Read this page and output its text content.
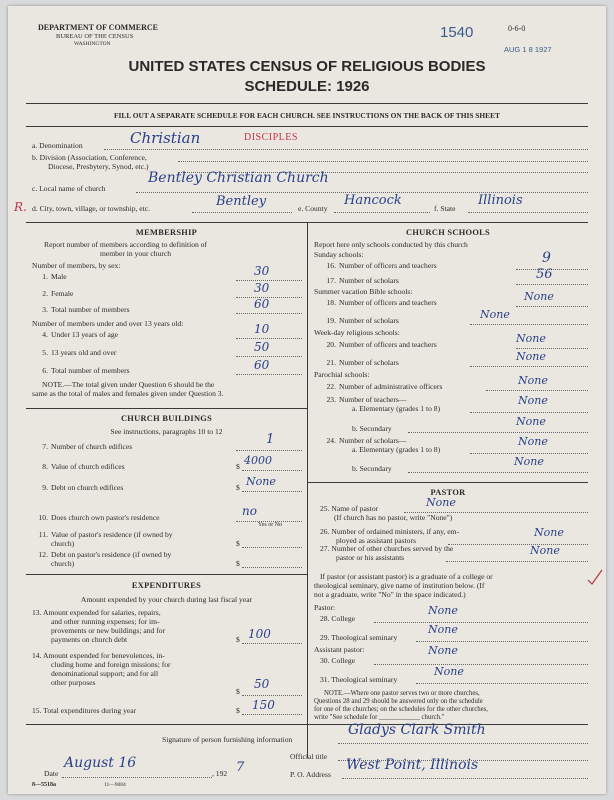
DEPARTMENT OF COMMERCE
BUREAU OF THE CENSUS
WASHINGTON
1540	0-6-0
AUG 1 8 1927
UNITED STATES CENSUS OF RELIGIOUS BODIES
SCHEDULE: 1926
FILL OUT A SEPARATE SCHEDULE FOR EACH CHURCH. SEE INSTRUCTIONS ON THE BACK OF THIS SHEET
a. Denomination	Christian	DISCIPLES
b. Division (Association, Conference,
Diocese, Presbytery, Synod, etc.)
c. Local name of church
Bentley Christian Church
R. d. City, town, village, or township, etc.	Bentley	e. County
Hancock
f. State
Illinois
MEMBERSHIP
Report number of members according to definition of
member in your church
Number of members, by sex:
1. Male	30
2. Female	30
3. Total number of members	60
Number of members under and over 13 years old:
4. Under 13 years of age	10
5. 13 years old and over	50
6. Total number of members	60
NOTE.—The total given under Question 6 should be the
same as the total of males and females given under Question 3.
CHURCH BUILDINGS
See instructions, paragraphs 10 to 12
7. Number of church edifices	1
8. Value of church edifices	$ 4000
9. Debt on church edifices	$ None
10. Does church own pastor's residence	no
Yes or No
11. Value of pastor's residence (if owned by
church)	$
12. Debt on pastor's residence (if owned by
church)	$
EXPENDITURES
Amount expended by your church during last fiscal year
13. Amount expended for salaries, repairs,
and other running expenses; for im-
provements or new buildings; and for
payments on church debt	$ 100
14. Amount expended for benevolences, in-
cluding home and foreign missions; for
denominational support; and for all
other purposes
$
50
15. Total expenditures during year	$ 150
CHURCH SCHOOLS
Report here only schools conducted by this church
Sunday schools:
16. Number of officers and teachers	9
17. Number of scholars	56
Summer vacation Bible schools:
18. Number of officers and teachers	None
19. Number of scholars	None
Week-day religious schools:
20. Number of officers and teachers	None
21. Number of scholars	None
Parochial schools:
22. Number of administrative officers	None
23. Number of teachers—
a. Elementary (grades 1 to 8)
None
b. Secondary
None
24. Number of scholars—
a. Elementary (grades 1 to 8)
None
b. Secondary
None
PASTOR
25. Name of pastor	None
(If church has no pastor, write "None")
26. Number of ordained ministers, if any, em-
ployed as assistant pastors
None
27. Number of other churches served by the
pastor or his assistants
None
If pastor (or assistant pastor) is a graduate of a college or
theological seminary, give name of institution below. (If
not a graduate, write "No" in the space indicated.)
Pastor:
28. College
None
29. Theological seminary
None
Assistant pastor:
30. College
None
31. Theological seminary
None
NOTE.—Where one pastor serves two or more churches,
Questions 28 and 29 should be answered only on the schedule
for one of the churches; on the schedules for the other churches,
write "See schedule for ____________ church."
Signature of person furnishing information
Gladys Clark Smith
Official title
Date
August 16
, 192 7	P. O. Address
West Point, Illinois
8—5518a	11—9084
